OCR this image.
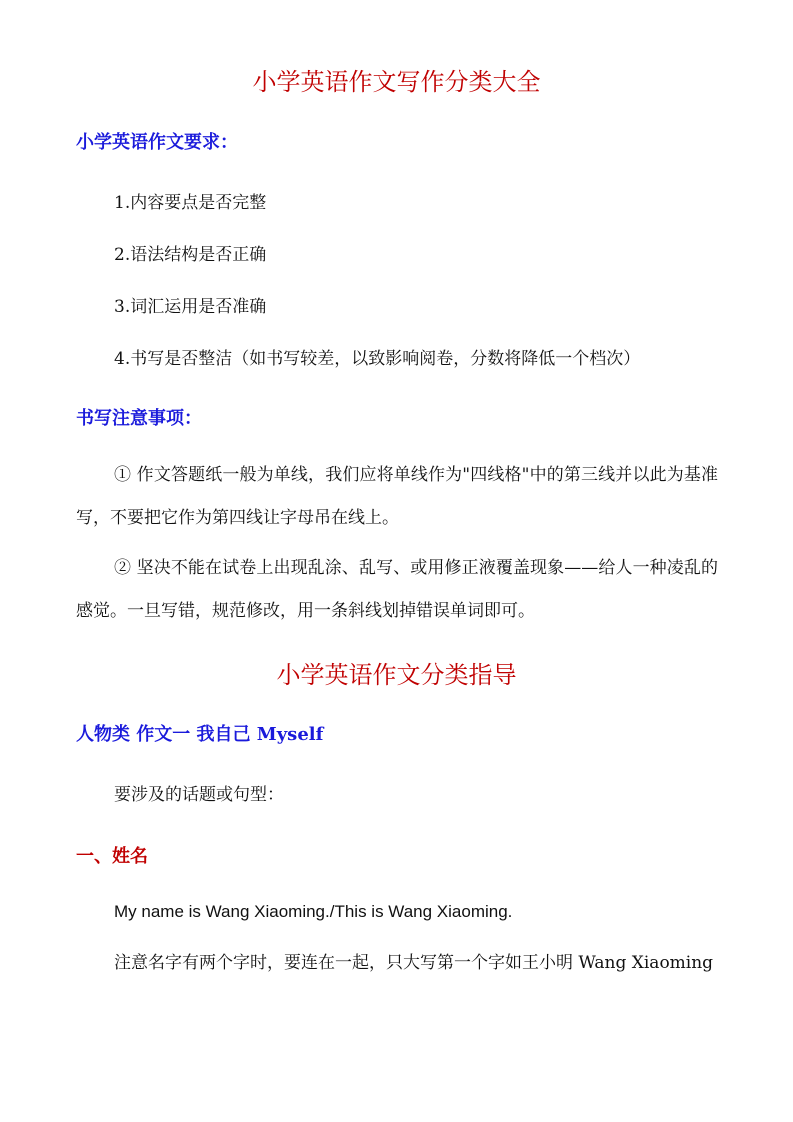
小学英语作文写作分类大全
小学英语作文要求：

1.内容要点是否完整

2.语法结构是否正确

3.词汇运用是否准确

4.书写是否整洁（如书写较差，以致影响阅卷，分数将降低一个档次）

书写注意事项：

① 作文答题纸一般为单线，我们应将单线作为"四线格"中的第三线并以此为基准写，不要把它作为第四线让字母吊在线上。

② 坚决不能在试卷上出现乱涂、乱写、或用修正液覆盖现象——给人一种凌乱的感觉。一旦写错，规范修改，用一条斜线划掉错误单词即可。

小学英语作文分类指导
人物类 作文一 我自己 Myself

要涉及的话题或句型：

一、姓名

My name is Wang Xiaoming./This is Wang Xiaoming.

注意名字有两个字时，要连在一起，只大写第一个字如王小明 Wang Xiaoming
